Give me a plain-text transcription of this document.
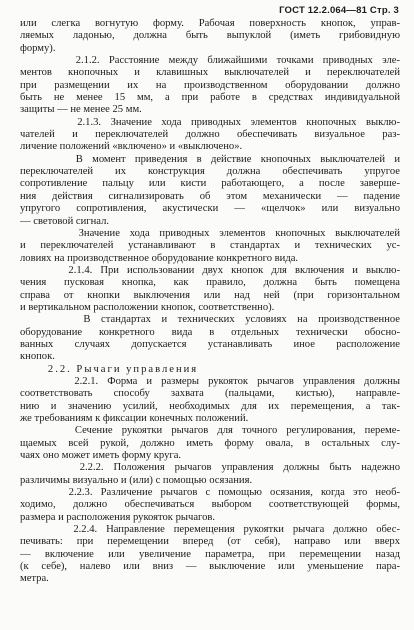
ГОСТ 12.2.064—81 Стр. 3
или слегка вогнутую форму. Рабочая поверхность кнопок, управ-
ляемых ладонью, должна быть выпуклой (иметь грибовидную
форму).
2.1.2. Расстояние между ближайшими точками приводных эле-
ментов кнопочных и клавишных выключателей и переключателей
при размещении их на производственном оборудовании должно
быть не менее 15 мм, а при работе в средствах индивидуальной
защиты — не менее 25 мм.
2.1.3. Значение хода приводных элементов кнопочных выклю-
чателей и переключателей должно обеспечивать визуальное раз-
личение положений «включено» и «выключено».
В момент приведения в действие кнопочных выключателей и
переключателей их конструкция должна обеспечивать упругое
сопротивление пальцу или кисти работающего, а после заверше-
ния действия сигнализировать об этом механически — падение
упругого сопротивления, акустически — «щелчок» или визуально
— световой сигнал.
Значение хода приводных элементов кнопочных выключателей
и переключателей устанавливают в стандартах и технических ус-
ловиях на производственное оборудование конкретного вида.
2.1.4. При использовании двух кнопок для включения и выклю-
чения пусковая кнопка, как правило, должна быть помещена
справа от кнопки выключения или над ней (при горизонтальном
и вертикальном расположении кнопок, соответственно).
В стандартах и технических условиях на производственное
оборудование конкретного вида в отдельных технически обосно-
ванных случаях допускается устанавливать иное расположение
кнопок.
2.2. Рычаги управления
2.2.1. Форма и размеры рукояток рычагов управления должны
соответствовать способу захвата (пальцами, кистью), направле-
нию и значению усилий, необходимых для их перемещения, а так-
же требованиям к фиксации конечных положений.
Сечение рукоятки рычагов для точного регулирования, переме-
щаемых всей рукой, должно иметь форму овала, в остальных слу-
чаях оно может иметь форму круга.
2.2.2. Положения рычагов управления должны быть надежно
различимы визуально и (или) с помощью осязания.
2.2.3. Различение рычагов с помощью осязания, когда это необ-
ходимо, должно обеспечиваться выбором соответствующей формы,
размера и расположения рукояток рычагов.
2.2.4. Направление перемещения рукоятки рычага должно обес-
печивать: при перемещении вперед (от себя), направо или вверх
— включение или увеличение параметра, при перемещении назад
(к себе), налево или вниз — выключение или уменьшение пара-
метра.
